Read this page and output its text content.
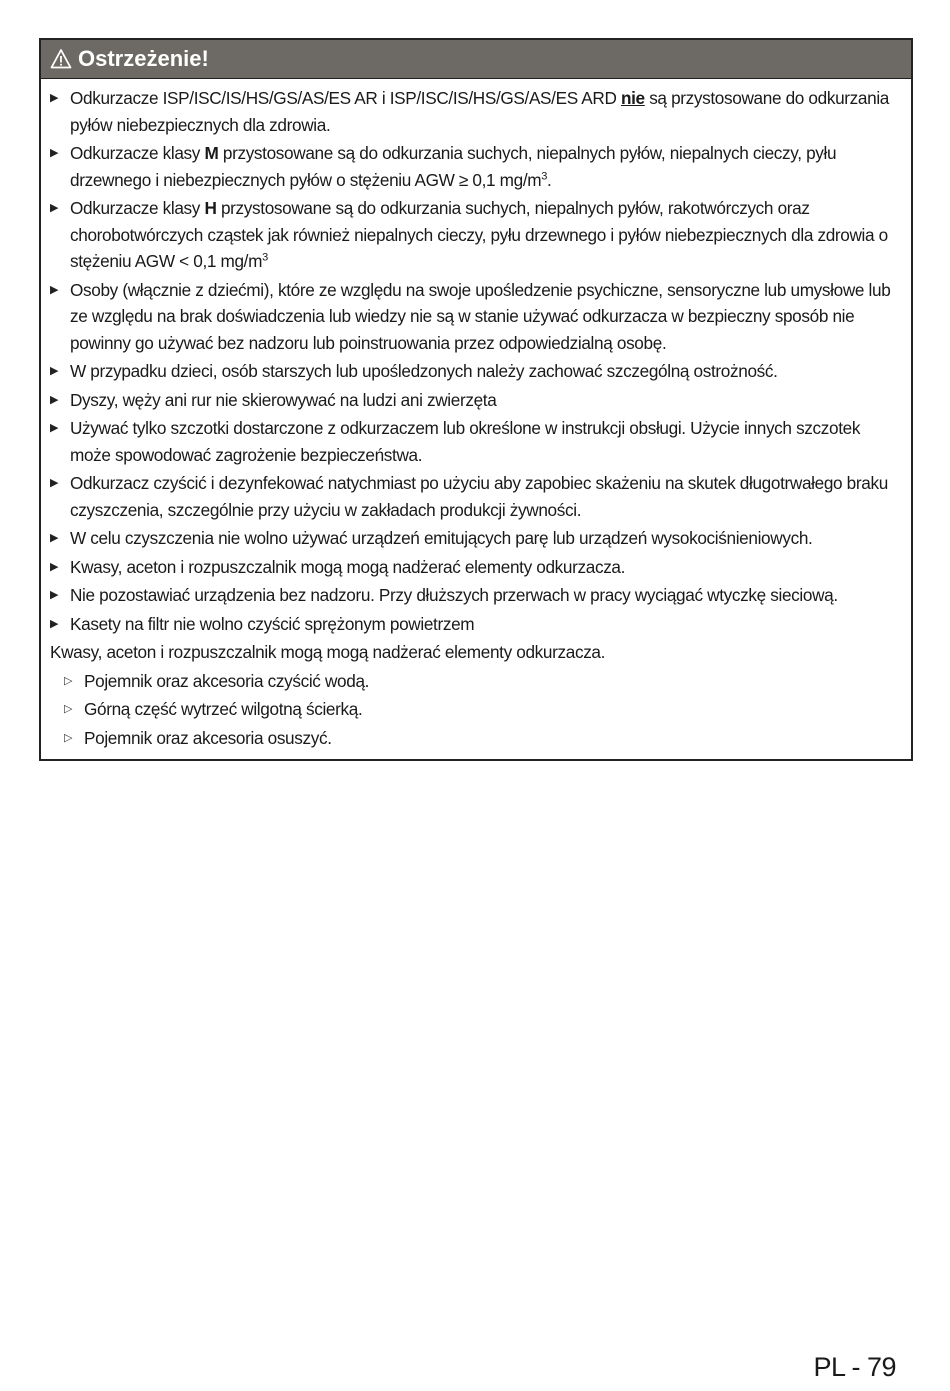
Ostrzeżenie!
▶ Odkurzacze ISP/ISC/IS/HS/GS/AS/ES AR i ISP/ISC/IS/HS/GS/AS/ES ARD nie są przystosowane do odkurzania pyłów niebezpiecznych dla zdrowia.
▶ Odkurzacze klasy M przystosowane są do odkurzania suchych, niepalnych pyłów, niepalnych cieczy, pyłu drzewnego i niebezpiecznych pyłów o stężeniu AGW ≥ 0,1 $mg/m^3$.
▶ Odkurzacze klasy H przystosowane są do odkurzania suchych, niepalnych pyłów, rakotwórczych oraz chorobotwórczych cząstek jak również niepalnych cieczy, pyłu drzewnego i pyłów niebezpiecznych dla zdrowia o stężeniu AGW < 0,1 $mg/m^3$
▶ Osoby (włącznie z dziećmi), które ze względu na swoje upośledzenie psychiczne, sensoryczne lub umysłowe lub ze względu na brak doświadczenia lub wiedzy nie są w stanie używać odkurzacza w bezpieczny sposób nie powinny go używać bez nadzoru lub poinstruowania przez odpowiedzialną osobę.
▶ W przypadku dzieci, osób starszych lub upośledzonych należy zachować szczególną ostrożność.
▶ Dyszy, węży ani rur nie skierowywać na ludzi ani zwierzęta
▶ Używać tylko szczotki dostarczone z odkurzaczem lub określone w instrukcji obsługi. Użycie innych szczotek może spowodować zagrożenie bezpieczeństwa.
▶ Odkurzacz czyścić i dezynfekować natychmiast po użyciu aby zapobiec skażeniu na skutek długotrwałego braku czyszczenia, szczególnie przy użyciu w zakładach produkcji żywności.
▶ W celu czyszczenia nie wolno używać urządzeń emitujących parę lub urządzeń wysokociśnieniowych.
▶ Kwasy, aceton i rozpuszczalnik mogą mogą nadżerać elementy odkurzacza.
▶ Nie pozostawiać urządzenia bez nadzoru. Przy dłuższych przerwach w pracy wyciągać wtyczkę sieciową.
▶ Kasety na filtr nie wolno czyścić sprężonym powietrzem
Kwasy, aceton i rozpuszczalnik mogą mogą nadżerać elementy odkurzacza.
▷ Pojemnik oraz akcesoria czyścić wodą.
▷ Górną część wytrzeć wilgotną ścierką.
▷ Pojemnik oraz akcesoria osuszyć.
PL - 79
